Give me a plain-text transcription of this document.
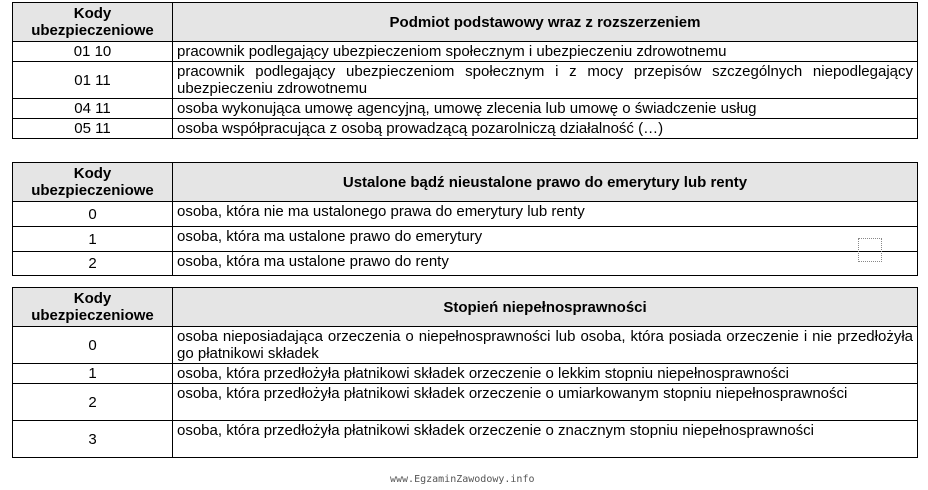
Kody ubezpieczeniowe	Podmiot podstawowy wraz z rozszerzeniem
01 10	pracownik podlegający ubezpieczeniom społecznym i ubezpieczeniu zdrowotnemu
01 11	pracownik podlegający ubezpieczeniom społecznym i z mocy przepisów szczególnych niepodlegający ubezpieczeniu zdrowotnemu
04 11	osoba wykonująca umowę agencyjną, umowę zlecenia lub umowę o świadczenie usług
05 11	osoba współpracująca z osobą prowadzącą pozarolniczą działalność (…)
Kody ubezpieczeniowe	Ustalone bądź nieustalone prawo do emerytury lub renty
0	osoba, która nie ma ustalonego prawa do emerytury lub renty
1	osoba, która ma ustalone prawo do emerytury
2	osoba, która ma ustalone prawo do renty
Kody ubezpieczeniowe	Stopień niepełnosprawności
0	osoba nieposiadająca orzeczenia o niepełnosprawności lub osoba, która posiada orzeczenie i nie przedłożyła go płatnikowi składek
1	osoba, która przedłożyła płatnikowi składek orzeczenie o lekkim stopniu niepełnosprawności
2	osoba, która przedłożyła płatnikowi składek orzeczenie o umiarkowanym stopniu niepełnosprawności
3	osoba, która przedłożyła płatnikowi składek orzeczenie o znacznym stopniu niepełnosprawności
www.EgzaminZawodowy.info
